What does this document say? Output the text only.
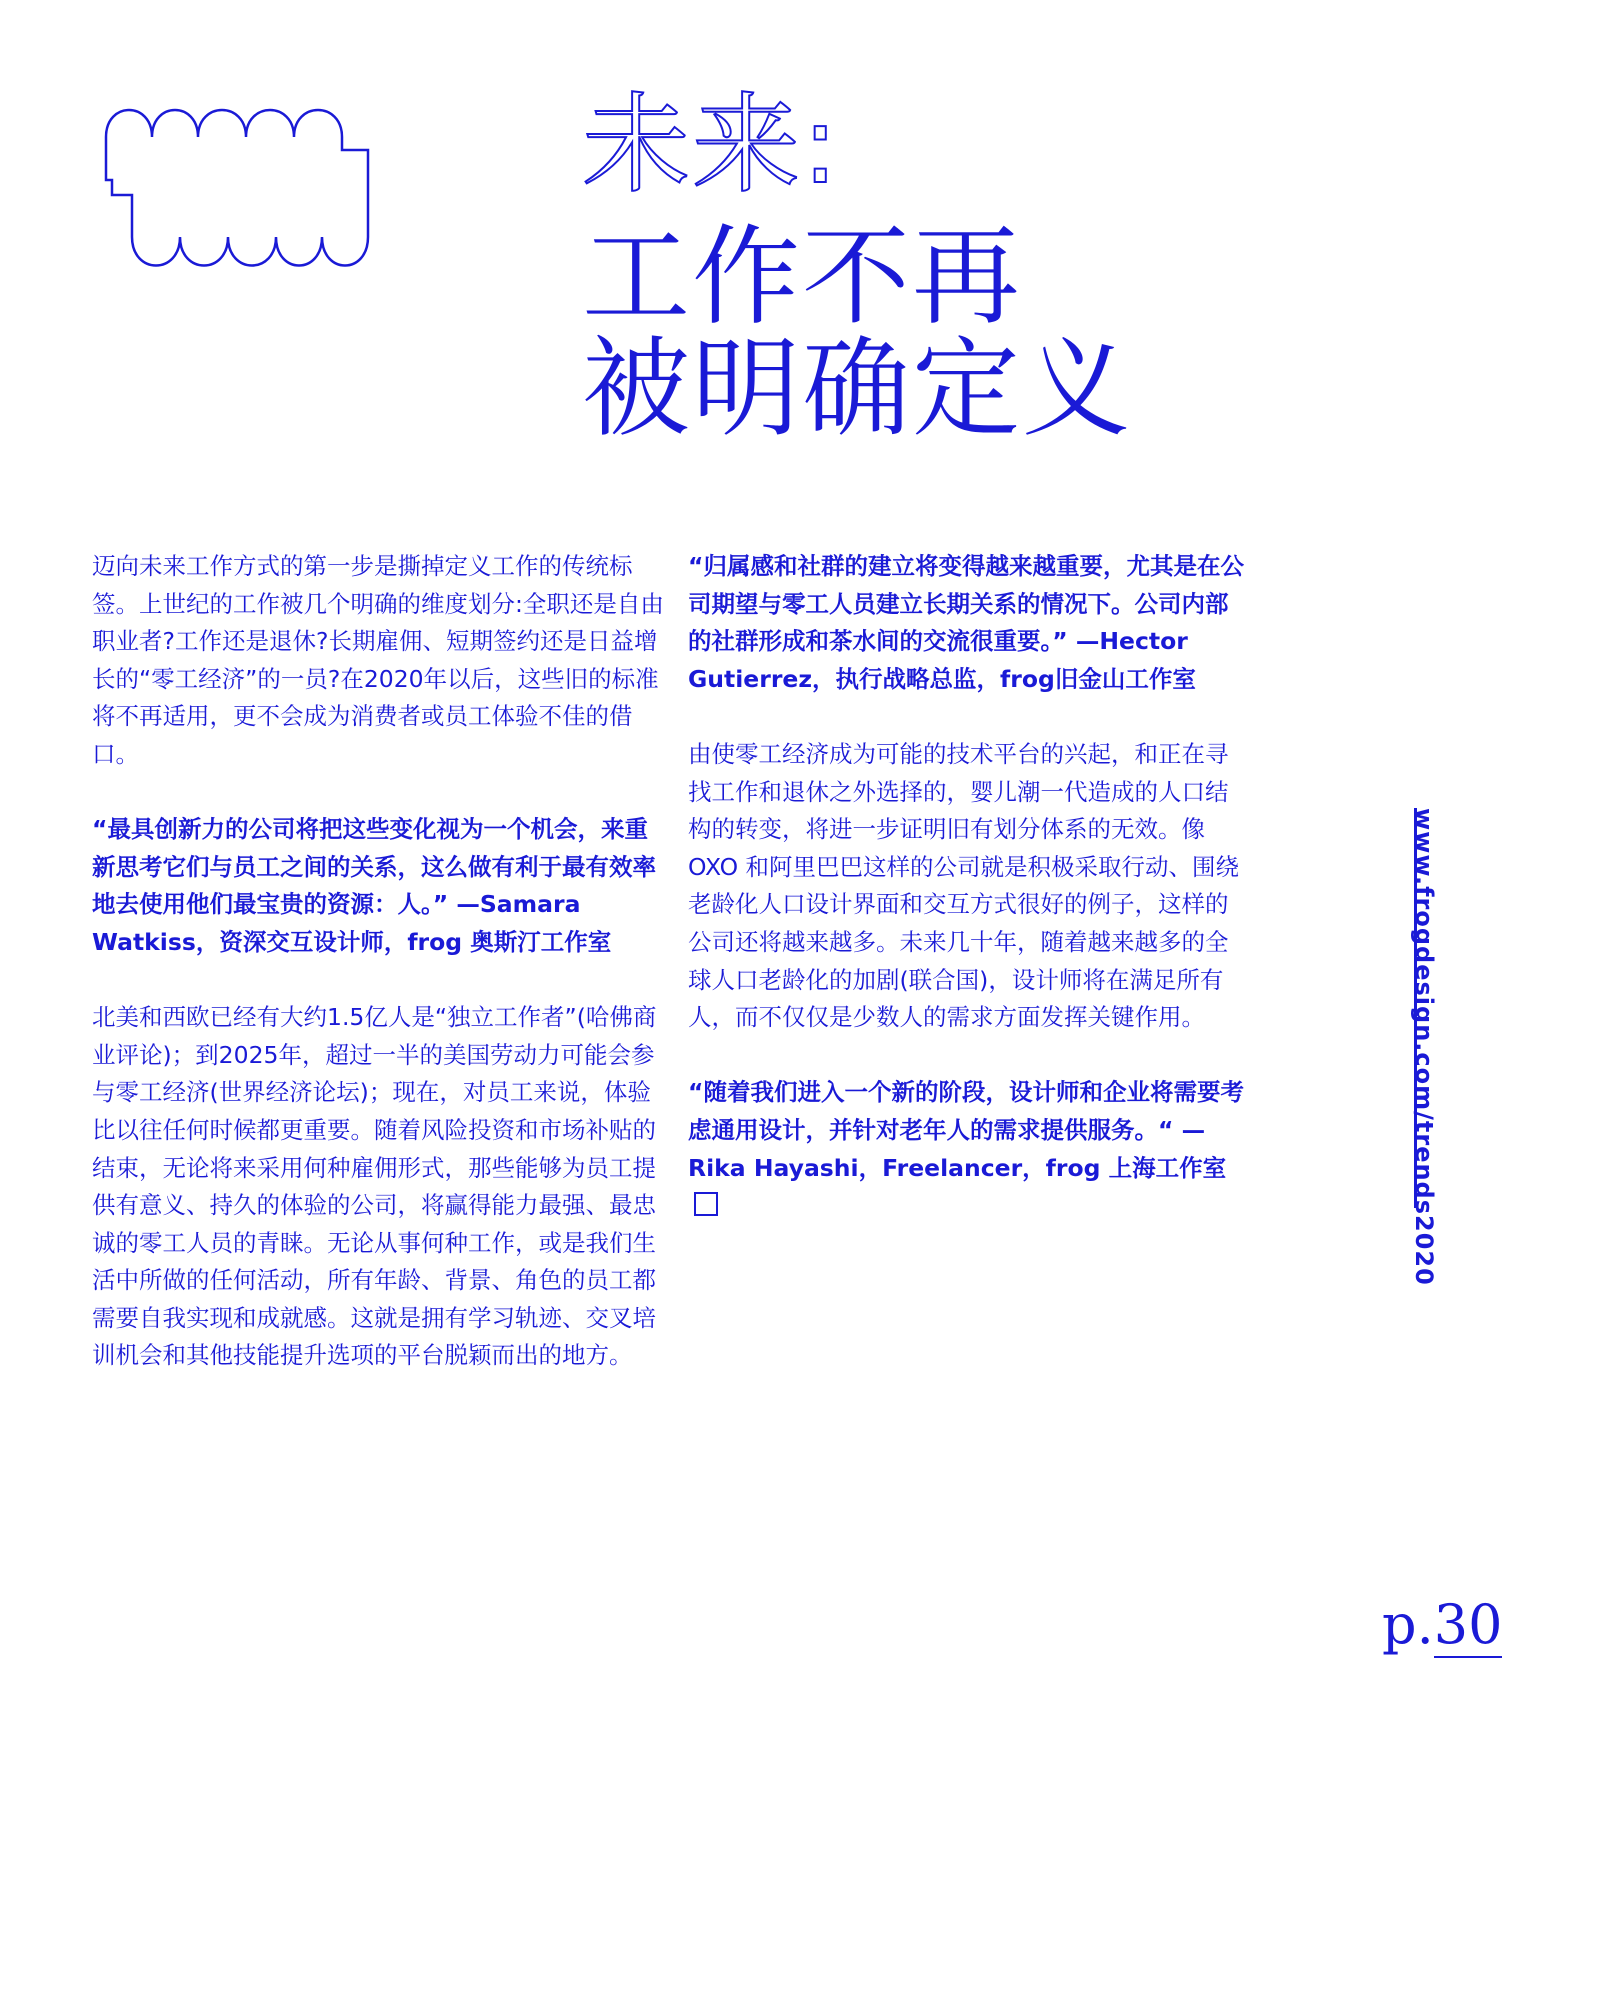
未来:
工作不再
被明确定义

迈向未来工作方式的第一步是撕掉定义工作的传统标签。上世纪的工作被几个明确的维度划分:全职还是自由职业者?工作还是退休?长期雇佣、短期签约还是日益增长的“零工经济”的一员?在2020年以后，这些旧的标准将不再适用，更不会成为消费者或员工体验不佳的借口。

“最具创新力的公司将把这些变化视为一个机会，来重新思考它们与员工之间的关系，这么做有利于最有效率地去使用他们最宝贵的资源：人。” —Samara Watkiss，资深交互设计师，frog 奥斯汀工作室

北美和西欧已经有大约1.5亿人是“独立工作者”(哈佛商业评论)；到2025年，超过一半的美国劳动力可能会参与零工经济(世界经济论坛)；现在，对员工来说，体验比以往任何时候都更重要。随着风险投资和市场补贴的结束，无论将来采用何种雇佣形式，那些能够为员工提供有意义、持久的体验的公司，将赢得能力最强、最忠诚的零工人员的青睐。无论从事何种工作，或是我们生活中所做的任何活动，所有年龄、背景、角色的员工都需要自我实现和成就感。这就是拥有学习轨迹、交叉培训机会和其他技能提升选项的平台脱颖而出的地方。

“归属感和社群的建立将变得越来越重要，尤其是在公司期望与零工人员建立长期关系的情况下。公司内部的社群形成和茶水间的交流很重要。” —Hector Gutierrez，执行战略总监，frog旧金山工作室

由使零工经济成为可能的技术平台的兴起，和正在寻找工作和退休之外选择的，婴儿潮一代造成的人口结构的转变，将进一步证明旧有划分体系的无效。像 OXO 和阿里巴巴这样的公司就是积极采取行动、围绕老龄化人口设计界面和交互方式很好的例子，这样的公司还将越来越多。未来几十年，随着越来越多的全球人口老龄化的加剧(联合国)，设计师将在满足所有人，而不仅仅是少数人的需求方面发挥关键作用。

“随着我们进入一个新的阶段，设计师和企业将需要考虑通用设计，并针对老年人的需求提供服务。“ —Rika Hayashi，Freelancer，frog 上海工作室	www.frogdesign.com/trends2020
p.30
